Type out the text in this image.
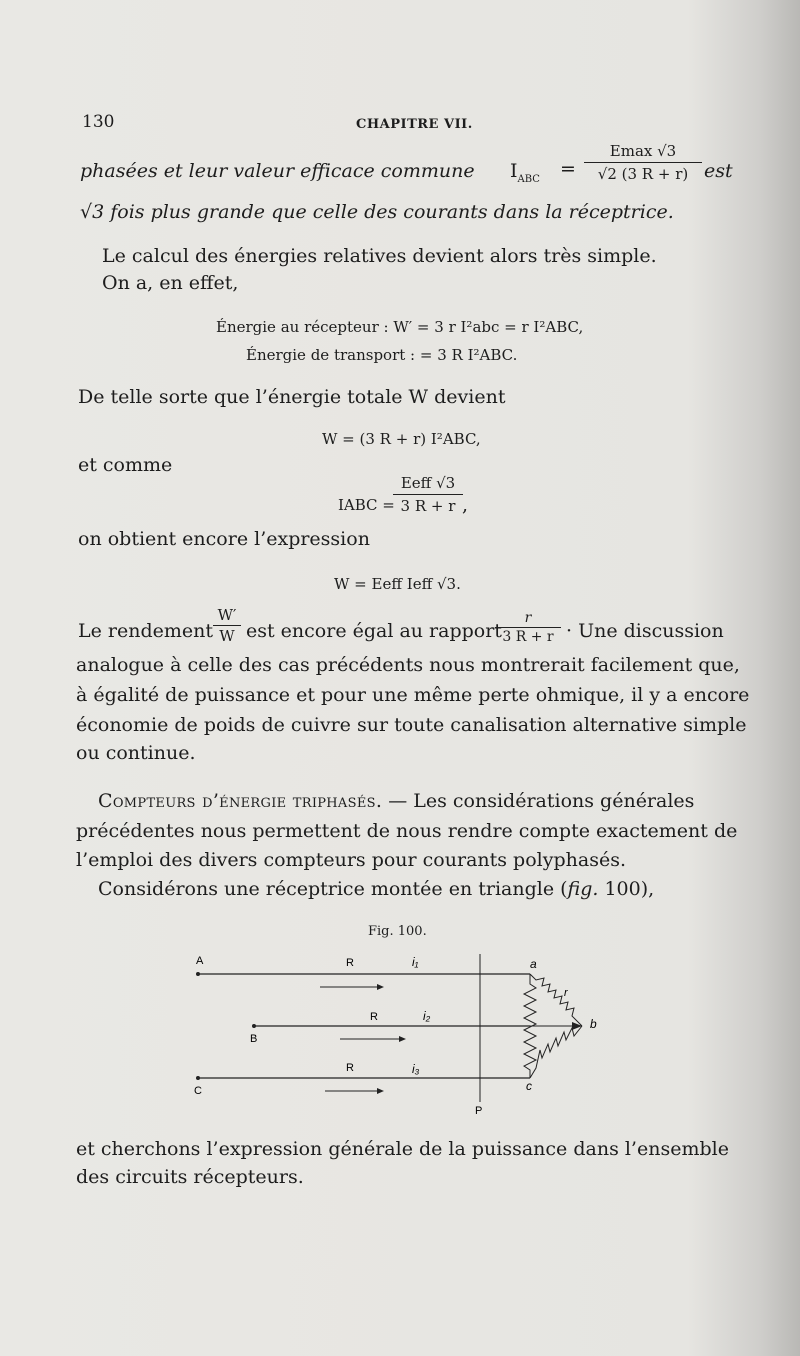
130	CHAPITRE VII.
phasées et leur valeur efficace commune $I_{ABC}$ =
Emax √3
√2 (3 R + r) est
√3 fois plus grande que celle des courants dans la réceptrice.
Le calcul des énergies relatives devient alors très simple.
On a, en effet,
Énergie au récepteur : W′ = 3 r I²abc = r I²ABC,
Énergie de transport : = 3 R I²ABC.
De telle sorte que l’énergie totale W devient
W = (3 R + r) I²ABC,
et comme
IABC =
Eeff √3
3 R + r ,
on obtient encore l’expression
W = Eeff Ieff √3.
Le rendement
W′
W est encore égal au rapport
r
3 R + r · Une discussion
analogue à celle des cas précédents nous montrerait facilement que,
à égalité de puissance et pour une même perte ohmique, il y a encore
économie de poids de cuivre sur toute canalisation alternative simple
ou continue.
Compteurs d’énergie triphasés. — Les considérations générales
précédentes nous permettent de nous rendre compte exactement de
l’emploi des divers compteurs pour courants polyphasés.
Considérons une réceptrice montée en triangle (fig. 100),
Fig. 100.
A
B
C
P
R
R
R
i₁
i₂
i₃
a
b
c
r
et cherchons l’expression générale de la puissance dans l’ensemble
des circuits récepteurs.
